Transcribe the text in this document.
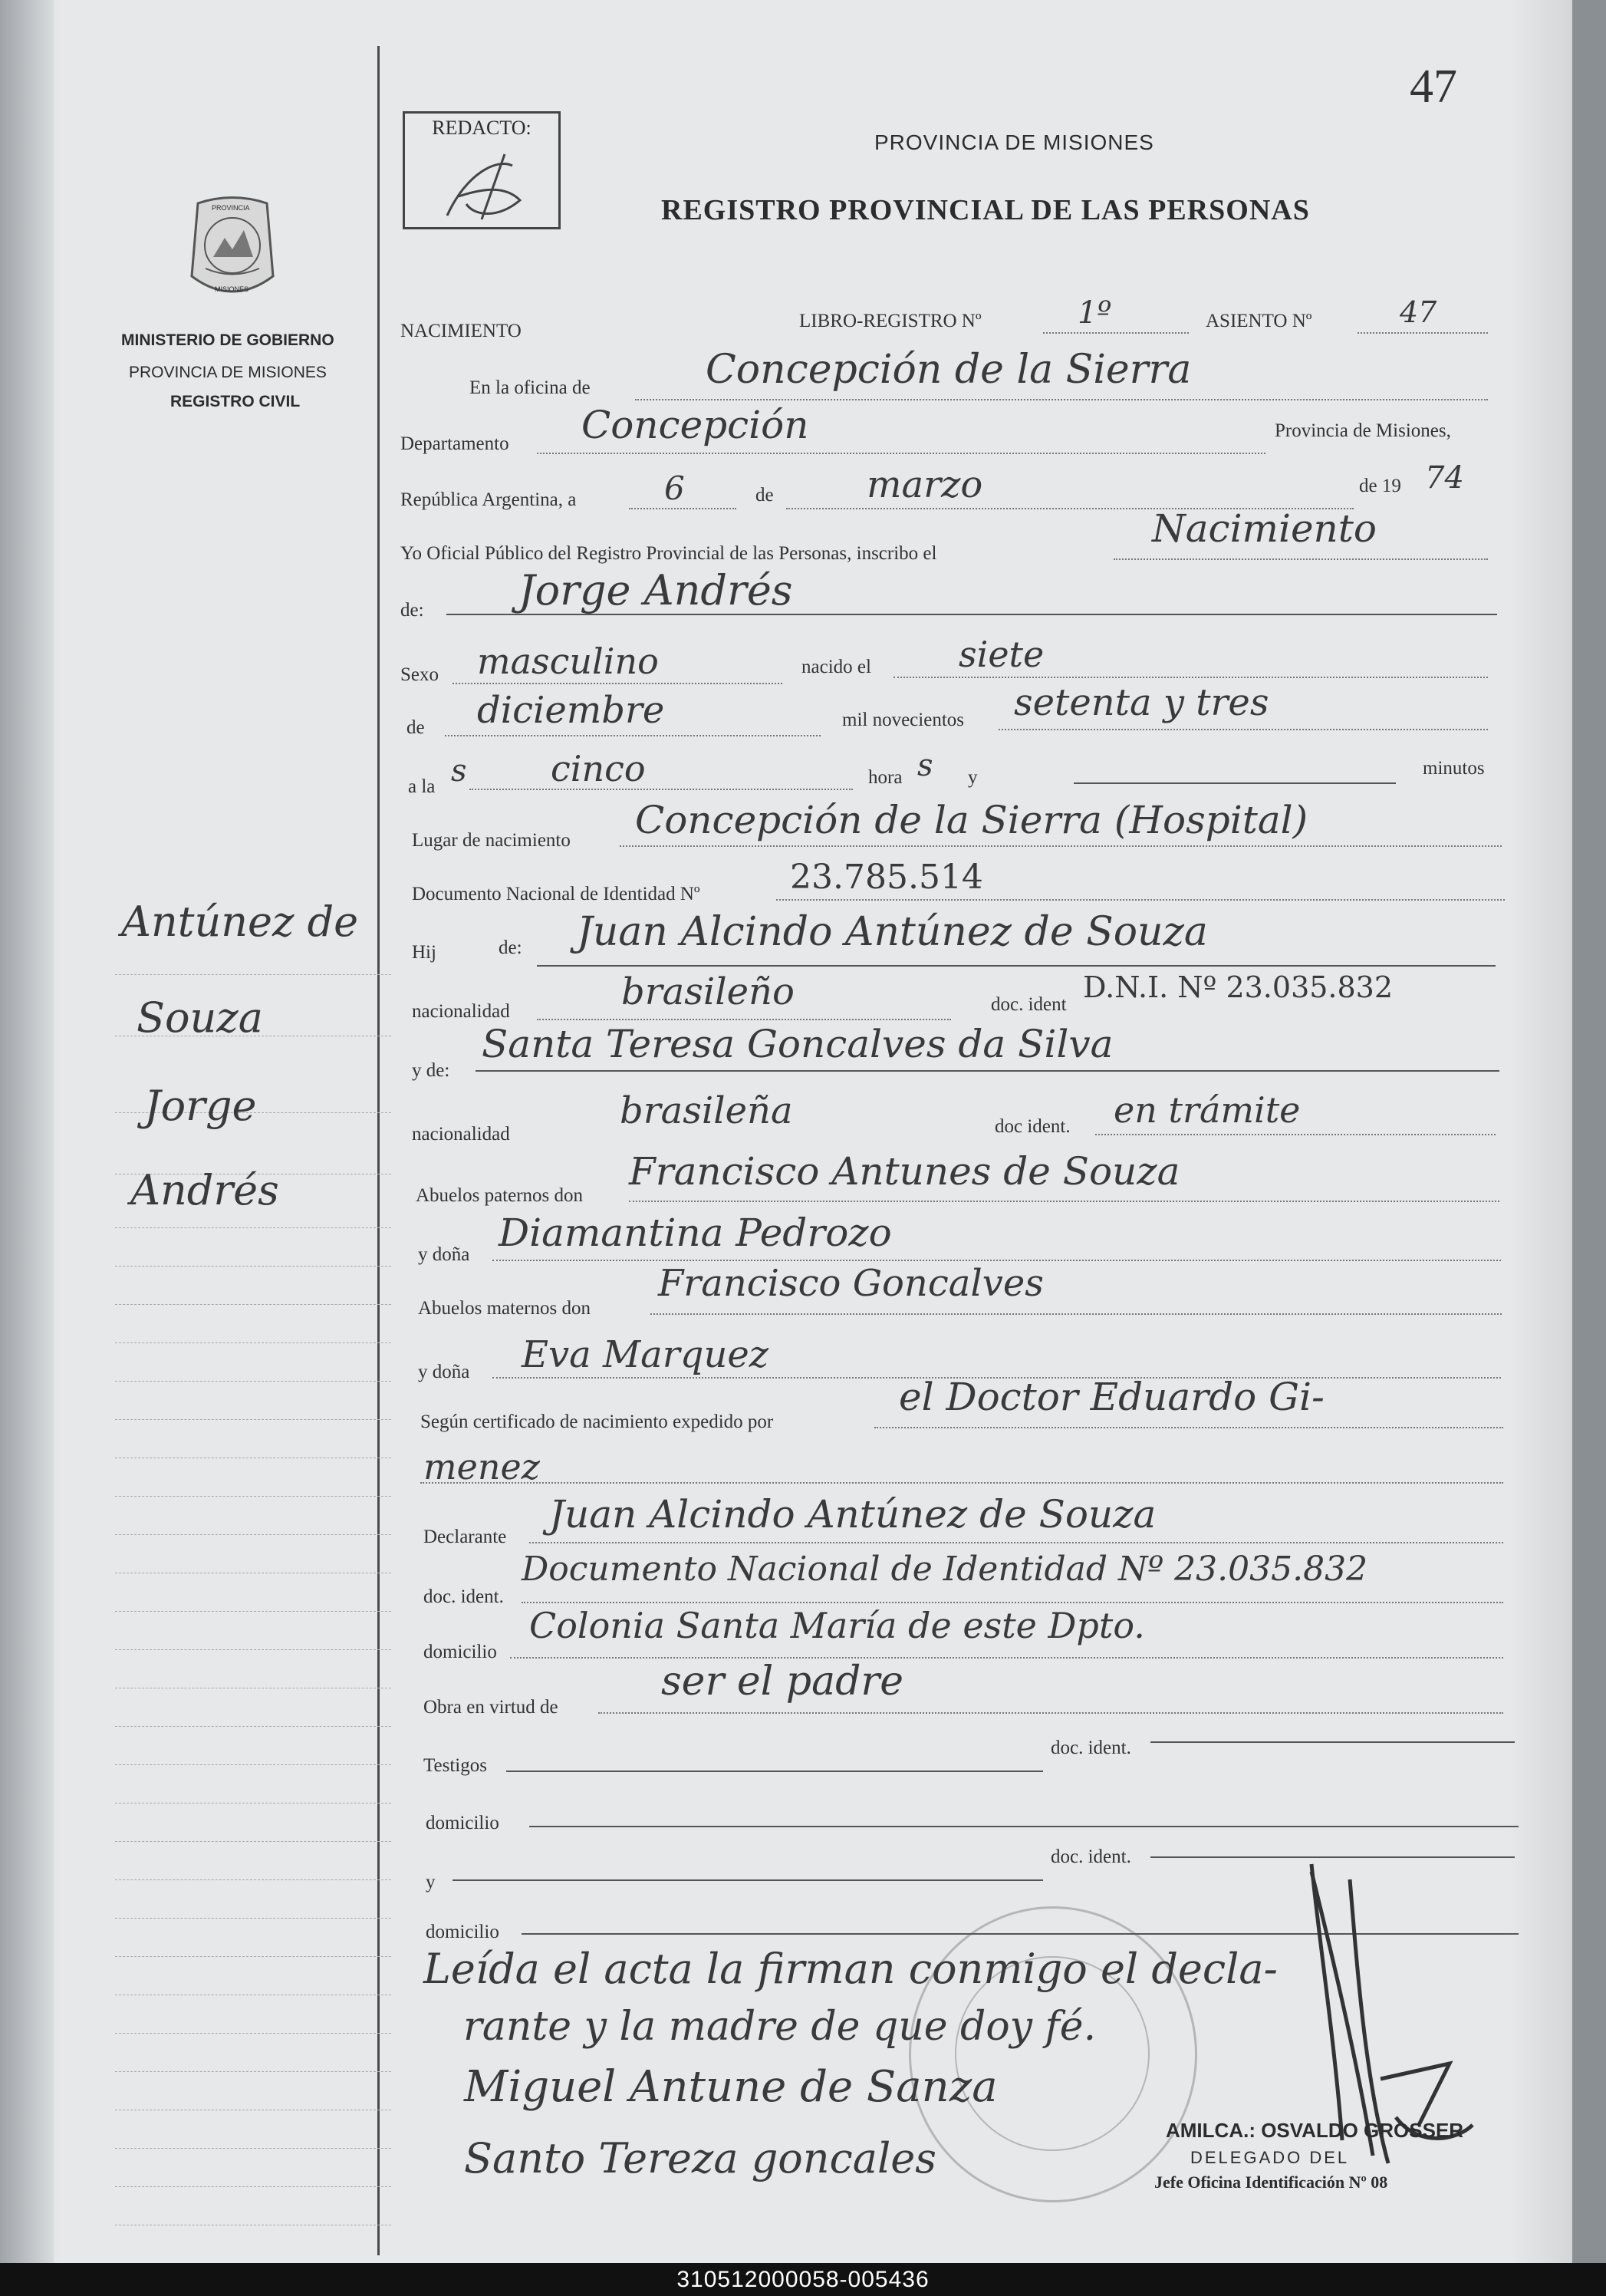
47
REDACTO:
PROVINCIA DE MISIONES
REGISTRO PROVINCIAL DE LAS PERSONAS
PROVINCIA
MISIONES
MINISTERIO DE GOBIERNO
PROVINCIA DE MISIONES
REGISTRO CIVIL
Antúnez de
Souza
Jorge
Andrés
NACIMIENTO	LIBRO-REGISTRO Nº	1º	ASIENTO Nº	47
En la oficina de	Concepción de la Sierra
Departamento Concepción	Provincia de Misiones,
República Argentina, a	6	de	marzo	de 19 74
Yo Oficial Público del Registro Provincial de las Personas, inscribo el
Nacimiento
de: Jorge Andrés
Sexo masculino	nacido el siete
de diciembre	mil novecientos setenta y tres
a la s cinco	hora s y	minutos
Lugar de nacimiento Concepción de la Sierra (Hospital)
Documento Nacional de Identidad Nº	23.785.514
Hij	de: Juan Alcindo Antúnez de Souza
nacionalidad	brasileño	doc. ident
D.N.I. Nº 23.035.832
y de:
Santa Teresa Goncalves da Silva
nacionalidad
brasileña	doc ident. en trámite
Abuelos paternos don
Francisco Antunes de Souza
y doña Diamantina Pedrozo
Abuelos maternos don
Francisco Goncalves
y doña Eva Marquez
Según certificado de nacimiento expedido por
el Doctor Eduardo Gi-
menez
Declarante
Juan Alcindo Antúnez de Souza
doc. ident.
Documento Nacional de Identidad Nº 23.035.832
domicilio
Colonia Santa María de este Dpto.
Obra en virtud de
ser el padre
Testigos
doc. ident.
domicilio
y
doc. ident.
domicilio
Leída el acta la firman conmigo el decla-
rante y la madre de que doy fé.
Miguel Antune de Sanza
Santo Tereza goncales
AMILCA.: OSVALDO GROSSER
DELEGADO DEL
Jefe Oficina Identificación Nº 08
310512000058-005436
